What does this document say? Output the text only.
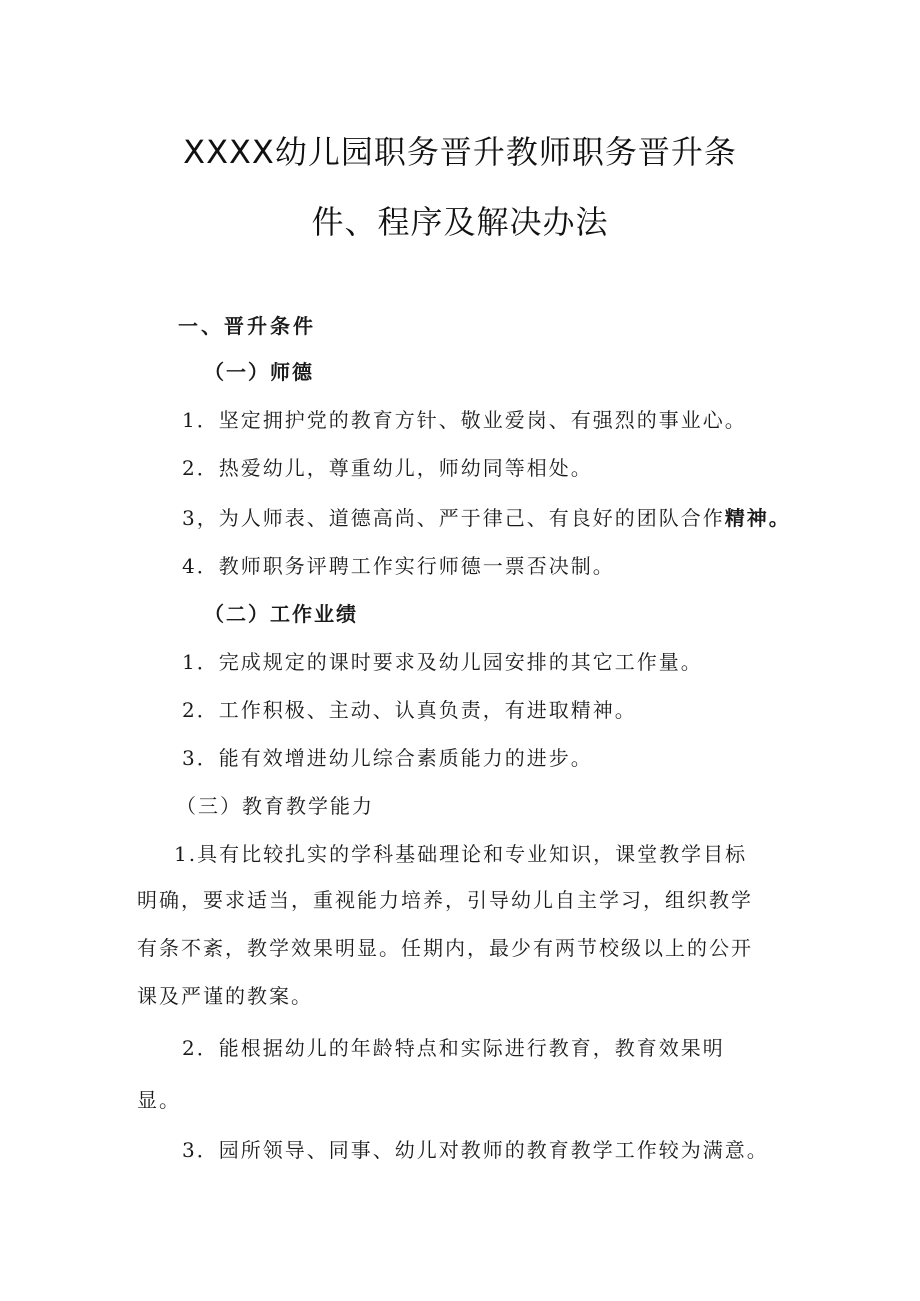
XXXX幼儿园职务晋升教师职务晋升条
件、程序及解决办法

一、晋升条件

（一）师德

1．坚定拥护党的教育方针、敬业爱岗、有强烈的事业心。

2．热爱幼儿，尊重幼儿，师幼同等相处。

3，为人师表、道德高尚、严于律己、有良好的团队合作精神。

4．教师职务评聘工作实行师德一票否决制。

（二）工作业绩

1．完成规定的课时要求及幼儿园安排的其它工作量。

2．工作积极、主动、认真负责，有进取精神。

3．能有效增进幼儿综合素质能力的进步。

（三）教育教学能力

1.具有比较扎实的学科基础理论和专业知识，课堂教学目标

明确，要求适当，重视能力培养，引导幼儿自主学习，组织教学

有条不紊，教学效果明显。任期内，最少有两节校级以上的公开

课及严谨的教案。

2．能根据幼儿的年龄特点和实际进行教育，教育效果明

显。

3．园所领导、同事、幼儿对教师的教育教学工作较为满意。
